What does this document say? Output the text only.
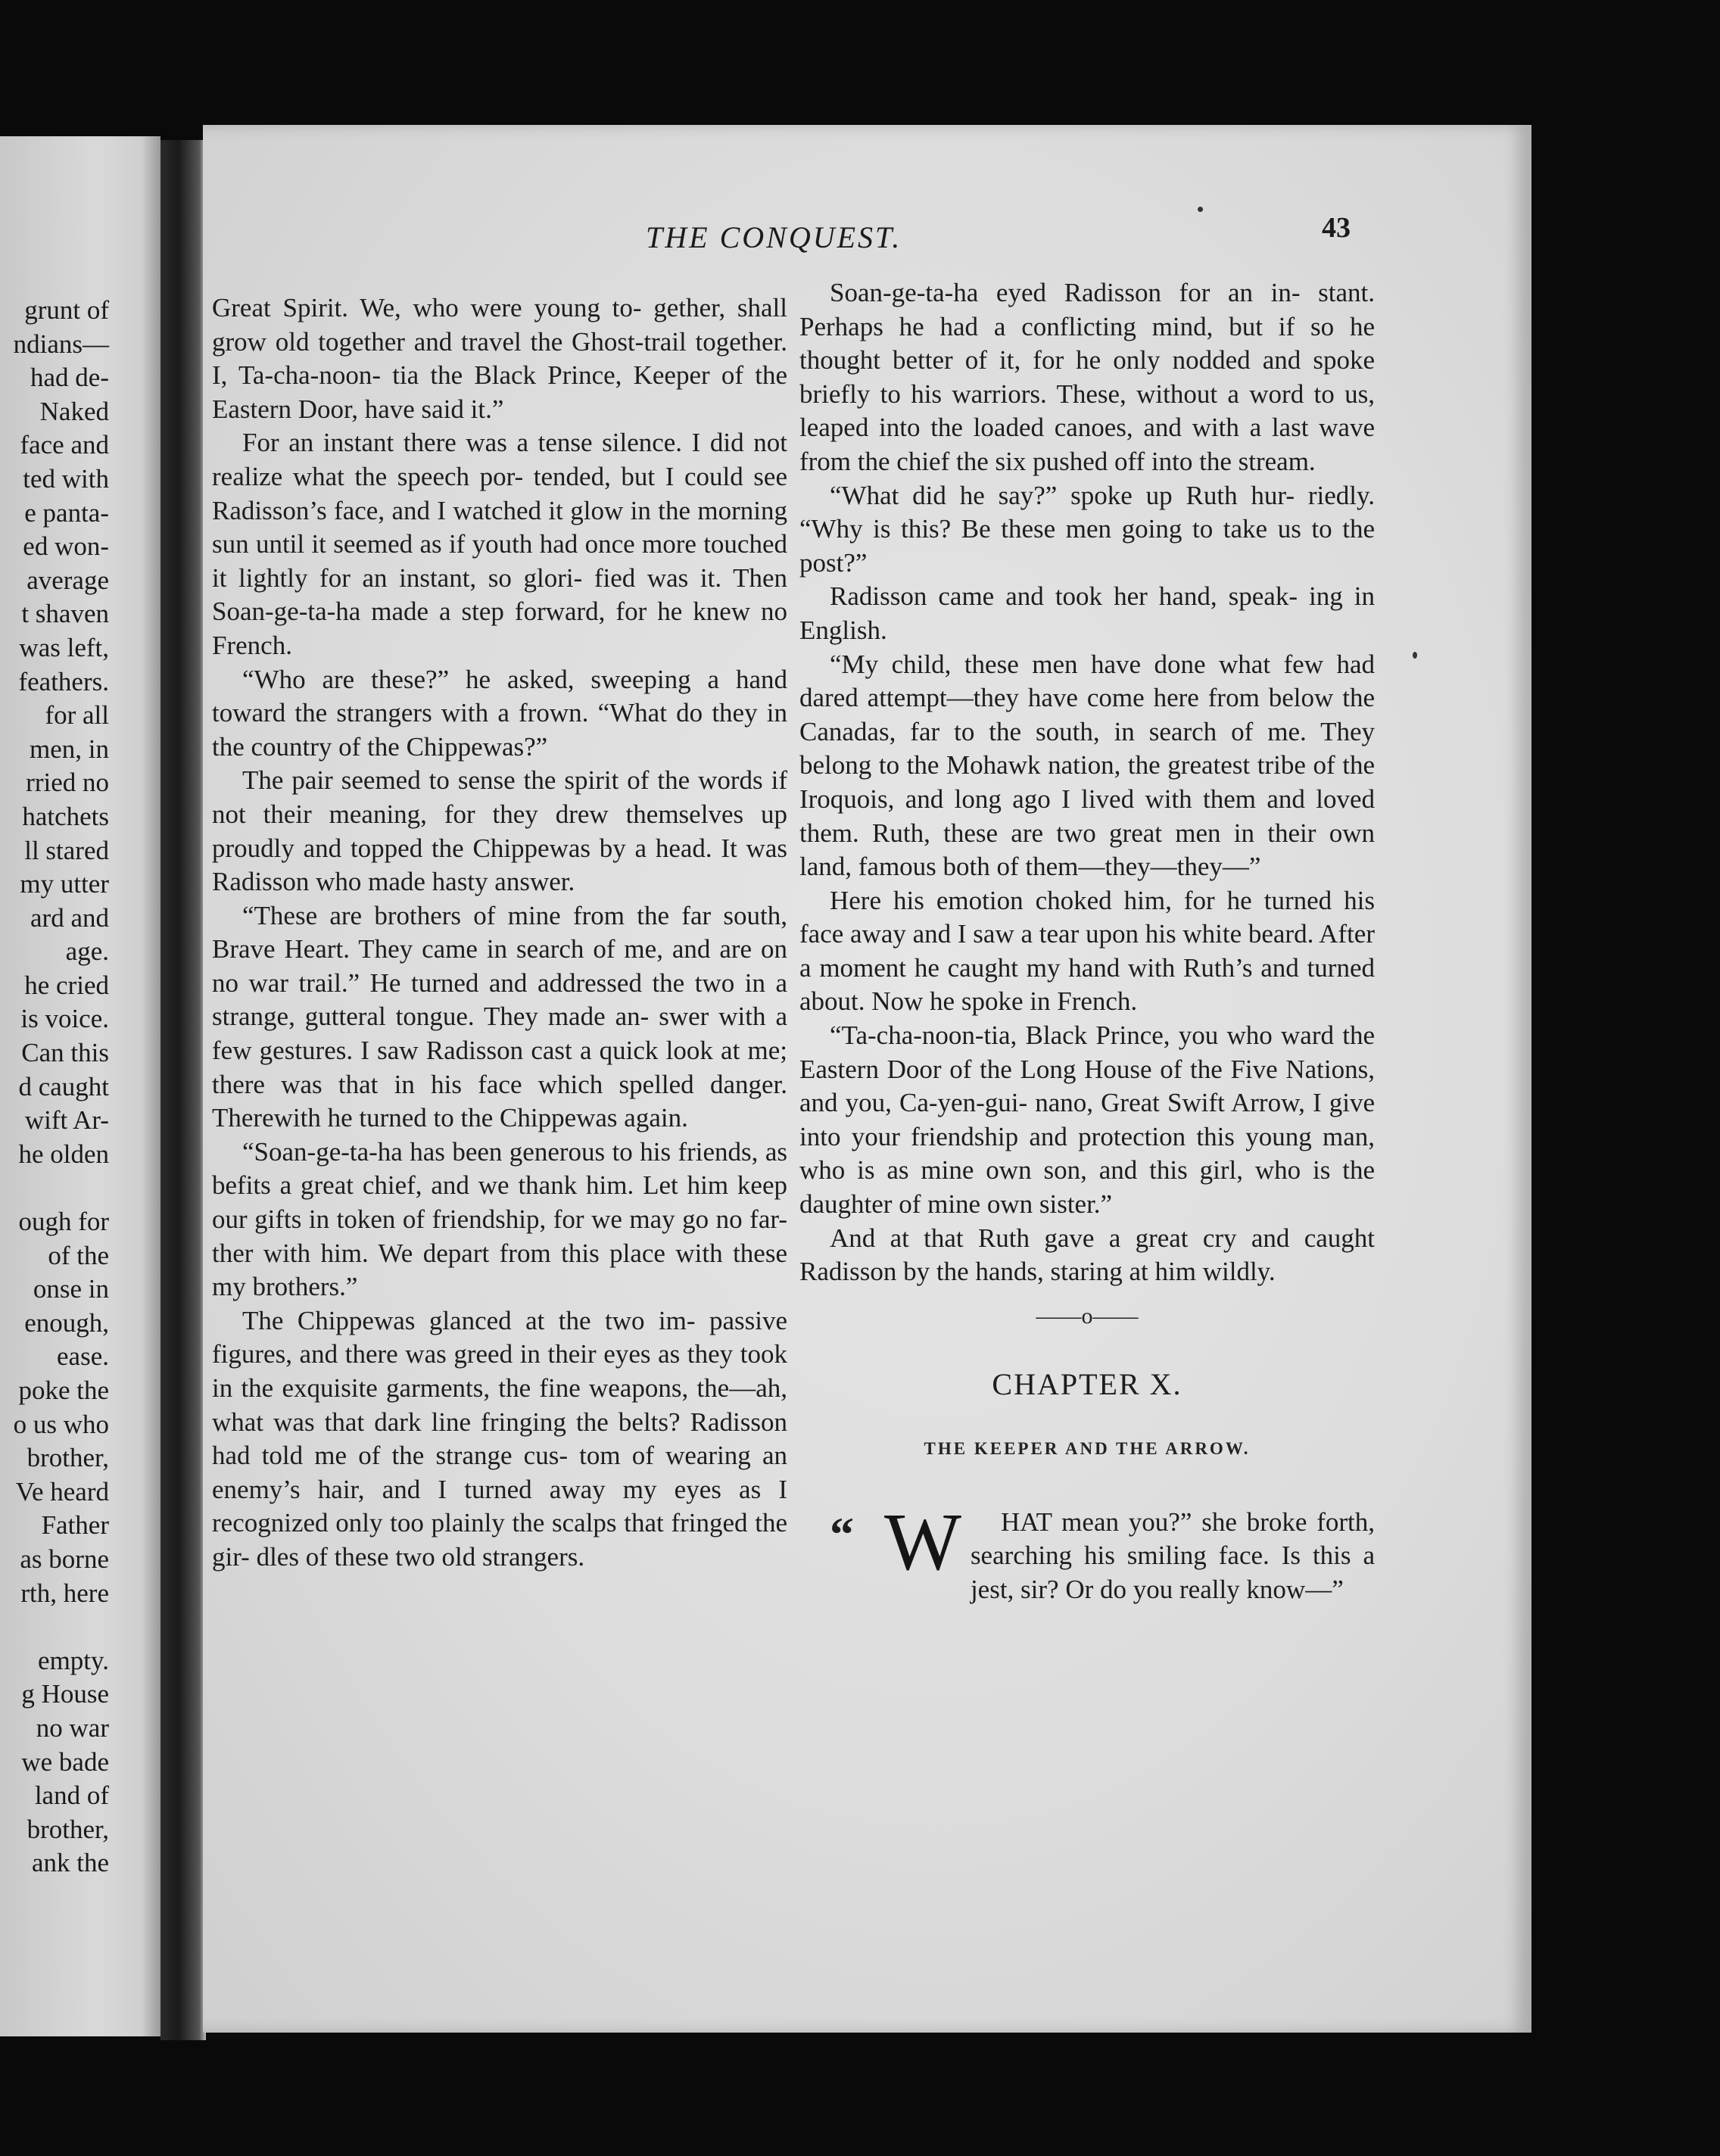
grunt of
ndians—
had de-
Naked
face and
ted with
e panta-
ed won-
average
t shaven
was left,
feathers.
for all
men, in
rried no
hatchets
ll stared
my utter
ard and
age.
he cried
is voice.
Can this
d caught
wift Ar-
he olden
ough for
of the
onse in
enough,
ease.
poke the
o us who
brother,
Ve heard
Father
as borne
rth, here
empty.
g House
no war
we bade
land of
brother,
ank the
THE CONQUEST.	43

Great Spirit. We, who were young to- gether, shall grow old together and travel the Ghost-trail together. I, Ta-cha-noon- tia the Black Prince, Keeper of the Eastern Door, have said it.”

For an instant there was a tense silence. I did not realize what the speech por- tended, but I could see Radisson’s face, and I watched it glow in the morning sun until it seemed as if youth had once more touched it lightly for an instant, so glori- fied was it. Then Soan-ge-ta-ha made a step forward, for he knew no French.

“Who are these?” he asked, sweeping a hand toward the strangers with a frown. “What do they in the country of the Chippewas?”

The pair seemed to sense the spirit of the words if not their meaning, for they drew themselves up proudly and topped the Chippewas by a head. It was Radisson who made hasty answer.

“These are brothers of mine from the far south, Brave Heart. They came in search of me, and are on no war trail.” He turned and addressed the two in a strange, gutteral tongue. They made an- swer with a few gestures. I saw Radisson cast a quick look at me; there was that in his face which spelled danger. Therewith he turned to the Chippewas again.

“Soan-ge-ta-ha has been generous to his friends, as befits a great chief, and we thank him. Let him keep our gifts in token of friendship, for we may go no far- ther with him. We depart from this place with these my brothers.”

The Chippewas glanced at the two im- passive figures, and there was greed in their eyes as they took in the exquisite garments, the fine weapons, the—ah, what was that dark line fringing the belts? Radisson had told me of the strange cus- tom of wearing an enemy’s hair, and I turned away my eyes as I recognized only too plainly the scalps that fringed the gir- dles of these two old strangers.

Soan-ge-ta-ha eyed Radisson for an in- stant. Perhaps he had a conflicting mind, but if so he thought better of it, for he only nodded and spoke briefly to his warriors. These, without a word to us, leaped into the loaded canoes, and with a last wave from the chief the six pushed off into the stream.

“What did he say?” spoke up Ruth hur- riedly. “Why is this? Be these men going to take us to the post?”

Radisson came and took her hand, speak- ing in English.

“My child, these men have done what few had dared attempt—they have come here from below the Canadas, far to the south, in search of me. They belong to the Mohawk nation, the greatest tribe of the Iroquois, and long ago I lived with them and loved them. Ruth, these are two great men in their own land, famous both of them—they—they—”

Here his emotion choked him, for he turned his face away and I saw a tear upon his white beard. After a moment he caught my hand with Ruth’s and turned about. Now he spoke in French.

“Ta-cha-noon-tia, Black Prince, you who ward the Eastern Door of the Long House of the Five Nations, and you, Ca-yen-gui- nano, Great Swift Arrow, I give into your friendship and protection this young man, who is as mine own son, and this girl, who is the daughter of mine own sister.”

And at that Ruth gave a great cry and caught Radisson by the hands, staring at him wildly.

——o——
CHAPTER X.
THE KEEPER AND THE ARROW.

“ W HAT mean you?” she broke forth, searching his smiling face. Is this a jest, sir? Or do you really know—”
